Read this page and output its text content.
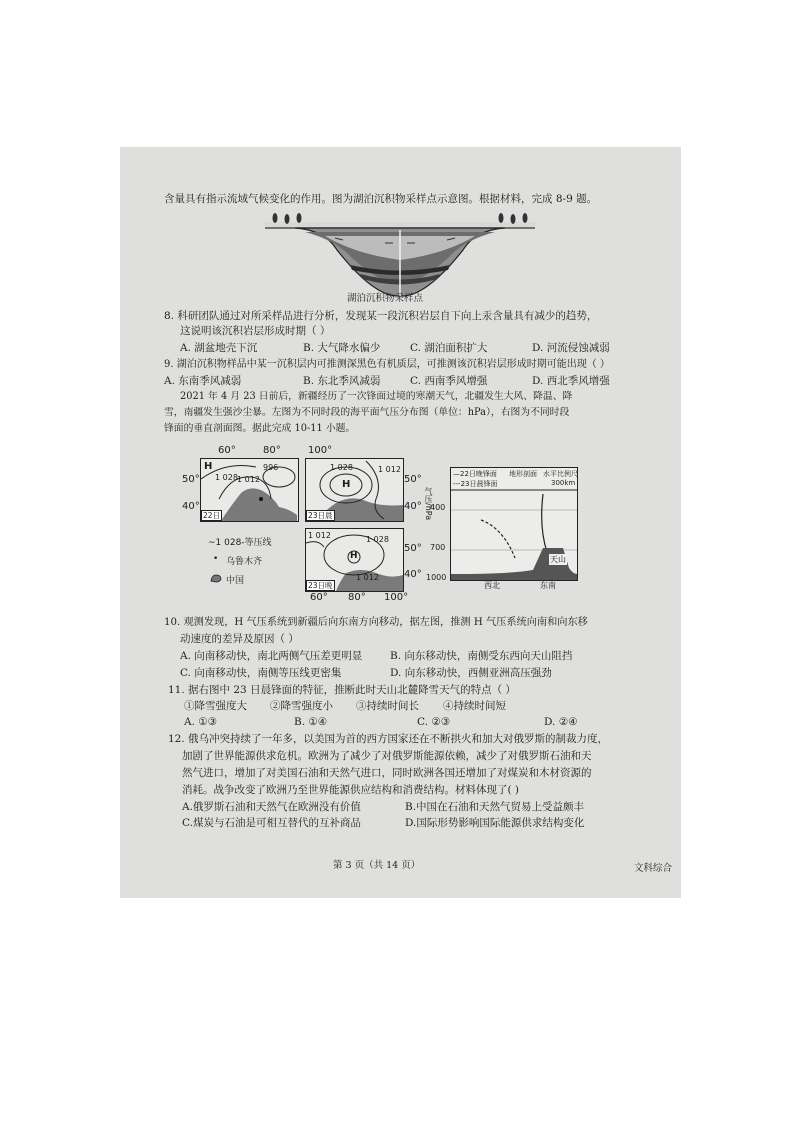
含量具有指示流域气候变化的作用。图为湖泊沉积物采样点示意图。根据材料，完成 8-9 题。
湖泊沉积物采样点
8. 科研团队通过对所采样品进行分析，发现某一段沉积岩层自下向上汞含量具有减少的趋势，
这说明该沉积岩层形成时期（ ）
A. 湖盆地壳下沉	B. 大气降水偏少	C. 湖泊面积扩大	D. 河流侵蚀减弱
9. 湖泊沉积物样品中某一沉积层内可推测深黑色有机质层，可推测该沉积岩层形成时期可能出现（ ）
A. 东南季风减弱	B. 东北季风减弱	C. 西南季风增强	D. 西北季风增强
2021 年 4 月 23 日前后，新疆经历了一次锋面过境的寒潮天气，北疆发生大风、降温、降
雪，南疆发生强沙尘暴。左图为不同时段的海平面气压分布图（单位：hPa），右图为不同时段
锋面的垂直剖面图。据此完成 10-11 小题。
60°	80°	100°
50°
40°
H
1 028 1 012
996
22日
H
1 028	1 012
23日晨
50°
40°
~1 028-等压线
• 乌鲁木齐
中国
H
1 012	1 028
1 012
23日晚
50°
40°
60° 80° 100°
气压/hPa
400
700
1000
—22日晚锋面
---23日晨锋面
地形剖面 水平比例尺
300km
天山
西北	东南
10. 观测发现，H 气压系统到新疆后向东南方向移动，据左图，推测 H 气压系统向南和向东移
动速度的差异及原因（ ）
A. 向南移动快，南北两侧气压差更明显	B. 向东移动快，南侧受东西向天山阻挡
C. 向南移动快，南侧等压线更密集	D. 向东移动快，西侧亚洲高压强劲
11. 据右图中 23 日晨锋面的特征，推断此时天山北麓降雪天气的特点（ ）
①降雪强度大 ②降雪强度小 ③持续时间长 ④持续时间短
A. ①③	B. ①④	C. ②③	D. ②④
12. 俄乌冲突持续了一年多，以美国为首的西方国家还在不断拱火和加大对俄罗斯的制裁力度，
加剧了世界能源供求危机。欧洲为了减少了对俄罗斯能源依赖，减少了对俄罗斯石油和天
然气进口，增加了对美国石油和天然气进口，同时欧洲各国还增加了对煤炭和木材资源的
消耗。战争改变了欧洲乃至世界能源供应结构和消费结构。材料体现了( )
A.俄罗斯石油和天然气在欧洲没有价值	B.中国在石油和天然气贸易上受益颇丰
C.煤炭与石油是可相互替代的互补商品	D.国际形势影响国际能源供求结构变化
第 3 页（共 14 页）	文科综合
